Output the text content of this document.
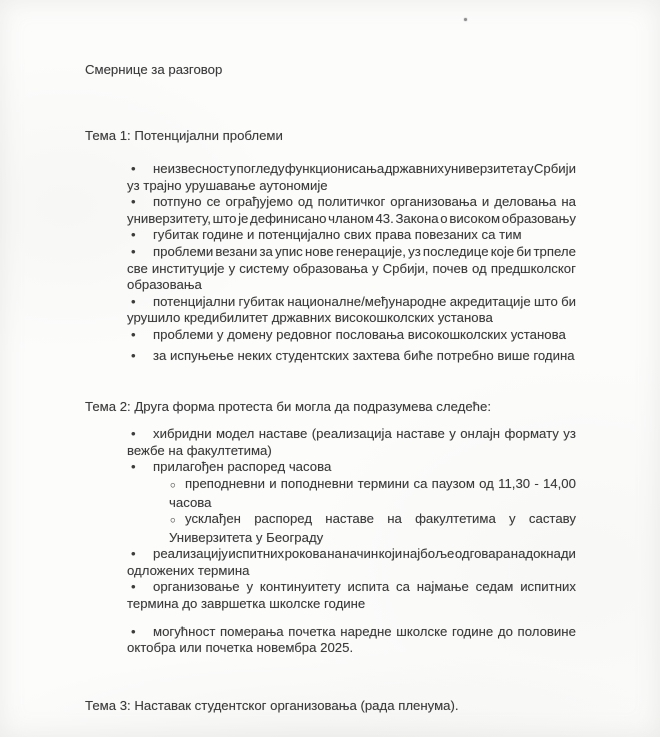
Смернице за разговор
Тема 1: Потенцијални проблеми
•	неизвесност у погледу функционисања државних универзитета у Србији
уз трајно урушавање аутономије
•	потпуно се ограђујемо од политичког организовања и деловања на
универзитету, што је дефинисано чланом 43. Закона о високом образовању
•	губитак године и потенцијално свих права повезаних са тим
•	проблеми везани за упис нове генерације, уз последице које би трпеле
све институције у систему образовања у Србији, почев од предшколског
образовања
•	потенцијални губитак националне/међународне акредитације што би
урушило кредибилитет државних високошколских установа
•	проблеми у домену редовног пословања високошколских установа
•	за испуњење неких студентских захтева биће потребно више година
Тема 2: Друга форма протеста би могла да подразумева следеће:
•	хибридни модел наставе (реализација наставе у онлајн формату уз
вежбе на факултетима)
•	прилагођен распоред часова
○ преподневни и поподневни термини са паузом од 11,30 - 14,00
часова
○ усклађен распоред наставе на факултетима у саставу
Универзитета у Београду
•	реализацију испитних рокова на начин који најбоље одговара надокнади
одложених термина
•	организовање у континуитету испита са најмање седам испитних
термина до завршетка школске године
•	могућност померања почетка наредне школске године до половине
октобра или почетка новембра 2025.
Тема 3: Наставак студентског организовања (рада пленума).
